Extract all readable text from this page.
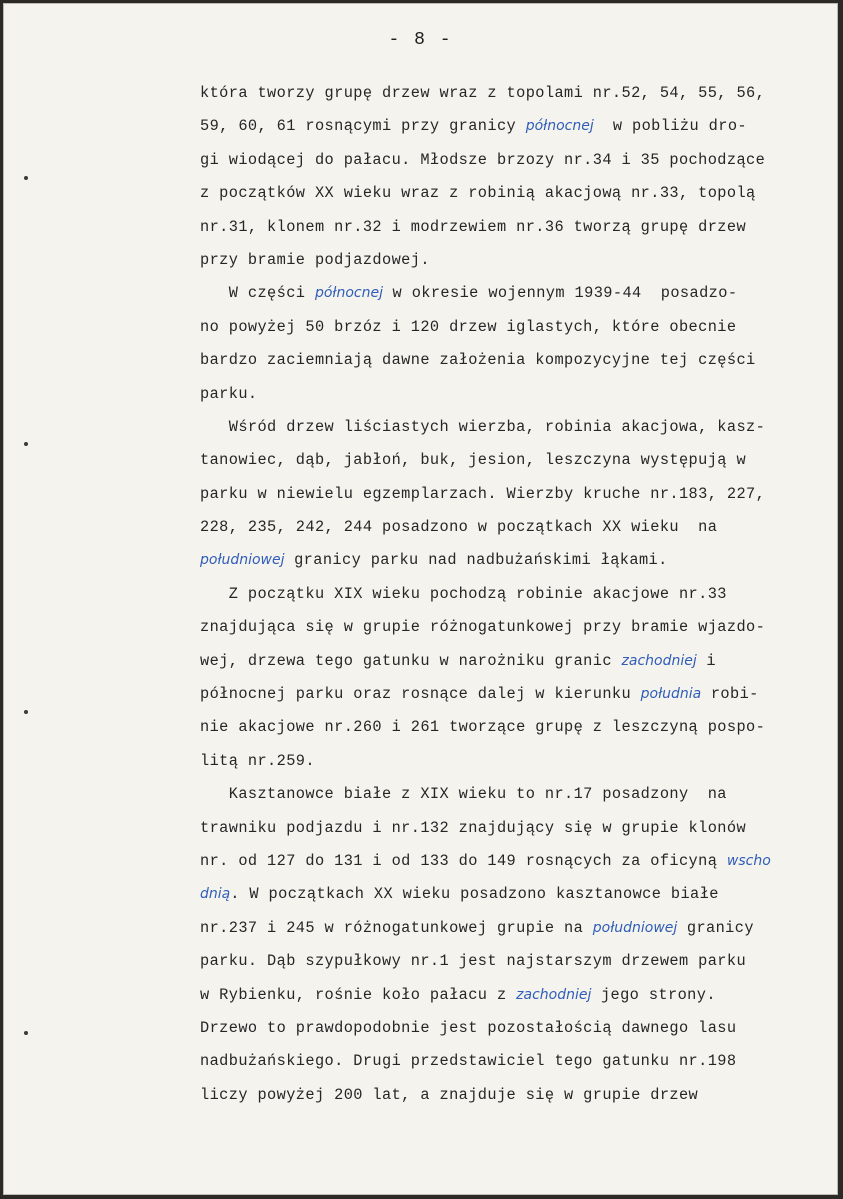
- 8 -
która tworzy grupę drzew wraz z topolami nr.52, 54, 55, 56,
59, 60, 61 rosnącymi przy granicy północnej  w pobliżu dro-
gi wiodącej do pałacu. Młodsze brzozy nr.34 i 35 pochodzące
z początków XX wieku wraz z robinią akacjową nr.33, topolą
nr.31, klonem nr.32 i modrzewiem nr.36 tworzą grupę drzew
przy bramie podjazdowej.
W części północnej w okresie wojennym 1939-44  posadzo-
no powyżej 50 brzóz i 120 drzew iglastych, które obecnie
bardzo zaciemniają dawne założenia kompozycyjne tej części
parku.
Wśród drzew liściastych wierzba, robinia akacjowa, kasz-
tanowiec, dąb, jabłoń, buk, jesion, leszczyna występują w
parku w niewielu egzemplarzach. Wierzby kruche nr.183, 227,
228, 235, 242, 244 posadzono w początkach XX wieku  na
południowej granicy parku nad nadbużańskimi łąkami.
Z początku XIX wieku pochodzą robinie akacjowe nr.33
znajdująca się w grupie różnogatunkowej przy bramie wjazdo-
wej, drzewa tego gatunku w narożniku granic zachodniej i
północnej parku oraz rosnące dalej w kierunku południa robi-
nie akacjowe nr.260 i 261 tworzące grupę z leszczyną pospo-
litą nr.259.
Kasztanowce białe z XIX wieku to nr.17 posadzony  na
trawniku podjazdu i nr.132 znajdujący się w grupie klonów
nr. od 127 do 131 i od 133 do 149 rosnących za oficyną wscho
dnią. W początkach XX wieku posadzono kasztanowce białe
nr.237 i 245 w różnogatunkowej grupie na południowej granicy
parku. Dąb szypułkowy nr.1 jest najstarszym drzewem parku
w Rybienku, rośnie koło pałacu z zachodniej jego strony.
Drzewo to prawdopodobnie jest pozostałością dawnego lasu
nadbużańskiego. Drugi przedstawiciel tego gatunku nr.198
liczy powyżej 200 lat, a znajduje się w grupie drzew
